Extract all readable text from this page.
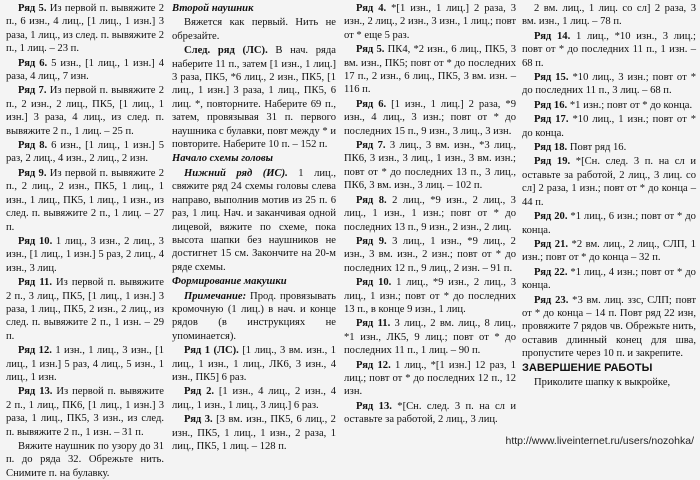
Ряд 5. Из первой п. вывяжите 2 п., 6 изн., 4 лиц., [1 лиц., 1 изн.] 3 раза, 1 лиц., из след. п. вывяжите 2 п., 1 лиц. – 23 п.

Ряд 6. 5 изн., [1 лиц., 1 изн.] 4 раза, 4 лиц., 7 изн.

Ряд 7. Из первой п. вывяжите 2 п., 2 изн., 2 лиц., ПК5, [1 лиц., 1 изн.] 3 раза, 4 лиц., из след. п. вывяжите 2 п., 1 лиц. – 25 п.

Ряд 8. 6 изн., [1 лиц., 1 изн.] 5 раз, 2 лиц., 4 изн., 2 лиц., 2 изн.

Ряд 9. Из первой п. вывяжите 2 п., 2 лиц., 2 изн., ПК5, 1 лиц., 1 изн., 1 лиц., ПК5, 1 лиц., 1 изн., из след. п. вывяжите 2 п., 1 лиц. – 27 п.

Ряд 10. 1 лиц., 3 изн., 2 лиц., 3 изн., [1 лиц., 1 изн.] 5 раз, 2 лиц., 4 изн., 3 лиц.

Ряд 11. Из первой п. вывяжите 2 п., 3 лиц., ПК5, [1 лиц., 1 изн.] 3 раза, 1 лиц., ПК5, 2 изн., 2 лиц., из след. п. вывяжите 2 п., 1 изн. – 29 п.

Ряд 12. 1 изн., 1 лиц., 3 изн., [1 лиц., 1 изн.] 5 раз, 4 лиц., 5 изн., 1 лиц., 1 изн.

Ряд 13. Из первой п. вывяжите 2 п., 1 лиц., ПК6, [1 лиц., 1 изн.] 3 раза, 1 лиц., ПК5, 3 изн., из след. п. вывяжите 2 п., 1 изн. – 31 п.

Вяжите наушник по узору до 31 п. до ряда 32. Обрежьте нить. Снимите п. на булавку.

Второй наушник

Вяжется как первый. Нить не обрезайте.

След. ряд (ЛС). В нач. ряда наберите 11 п., затем [1 изн., 1 лиц.] 3 раза, ПК5, *6 лиц., 2 изн., ПК5, [1 лиц., 1 изн.] 3 раза, 1 лиц., ПК5, 6 лиц. *, повторните. Наберите 69 п., затем, провязывая 31 п. первого наушника с булавки, повт между * и повторите. Наберите 10 п. – 152 п.

Начало схемы головы

Нижний ряд (ИС). 1 лиц., свяжите ряд 24 схемы головы слева направо, выполнив мотив из 25 п. 6 раз, 1 лиц. Нач. и заканчивая одной лицевой, вяжите по схеме, пока высота шапки без наушников не достигнет 15 см. Закончите на 20-м ряде схемы.

Формирование макушки

Примечание: Прод. провязывать кромочную (1 лиц.) в нач. и конце рядов (в инструкциях не упоминается).

Ряд 1 (ЛС). [1 лиц., 3 вм. изн., 1 лиц., 1 изн., 1 лиц., ЛК6, 3 изн., 4 изн., ПК5] 6 раз.

Ряд 2. [1 изн., 4 лиц., 2 изн., 4 лиц., 1 изн., 1 лиц., 3 лиц.] 6 раз.

Ряд 3. [3 вм. изн., ПК5, 6 лиц., 2 изн., ПК5, 1 лиц., 1 изн., 2 раза, 1 лиц., ПК5, 1 лиц. – 128 п.

Ряд 4. *[1 изн., 1 лиц.] 2 раза, 3 изн., 2 лиц., 2 изн., 3 изн., 1 лиц.; повт от * еще 5 раз.

Ряд 5. ПК4, *2 изн., 6 лиц., ПК5, 3 вм. изн., ПК5; повт от * до последних 17 п., 2 изн., 6 лиц., ПК5, 3 вм. изн. – 116 п.

Ряд 6. [1 изн., 1 лиц.] 2 раза, *9 изн., 4 лиц., 3 изн.; повт от * до последних 15 п., 9 изн., 3 лиц., 3 изн.

Ряд 7. 3 лиц., 3 вм. изн., *3 лиц., ПК6, 3 изн., 3 лиц., 1 изн., 3 вм. изн.; повт от * до последних 13 п., 3 лиц., ПК6, 3 вм. изн., 3 лиц. – 102 п.

Ряд 8. 2 лиц., *9 изн., 2 лиц., 3 лиц., 1 изн., 1 изн.; повт от * до последних 13 п., 9 изн., 2 изн., 2 лиц.

Ряд 9. 3 лиц., 1 изн., *9 лиц., 2 изн., 3 вм. изн., 2 изн.; повт от * до последних 12 п., 9 лиц., 2 изн. – 91 п.

Ряд 10. 1 лиц., *9 изн., 2 лиц., 3 лиц., 1 изн.; повт от * до последних 13 п., в конце 9 изн., 1 лиц.

Ряд 11. 3 лиц., 2 вм. лиц., 8 лиц., *1 изн., ЛК5, 9 лиц.; повт от * до последних 11 п., 1 лиц. – 90 п.

Ряд 12. 1 лиц., *[1 изн.] 12 раз, 1 лиц.; повт от * до последних 12 п., 12 изн.

Ряд 13. *[Сн. след. 3 п. на сл и оставьте за работой, 2 лиц., 3 лиц.

2 вм. лиц., 1 лиц. со сл] 2 раза, 3 вм. изн., 1 лиц. – 78 п.

Ряд 14. 1 лиц., *10 изн., 3 лиц.; повт от * до последних 11 п., 1 изн. – 68 п.

Ряд 15. *10 лиц., 3 изн.; повт от * до последних 11 п., 3 лиц. – 68 п.

Ряд 16. *1 изн.; повт от * до конца.

Ряд 17. *10 лиц., 1 изн.; повт от * до конца.

Ряд 18. Повт ряд 16.

Ряд 19. *[Сн. след. 3 п. на сл и оставьте за работой, 2 лиц., 3 лиц. со сл] 2 раза, 1 изн.; повт от * до конца – 44 п.

Ряд 20. *1 лиц., 6 изн.; повт от * до конца.

Ряд 21. *2 вм. лиц., 2 лиц., СЛП, 1 изн.; повт от * до конца – 32 п.

Ряд 22. *1 лиц., 4 изн.; повт от * до конца.

Ряд 23. *3 вм. лиц. ззс, СЛП; повт от * до конца – 14 п. Повт ряд 22 изн, провяжите 7 рядов чв. Обрежьте нить, оставив длинный конец для шва, пропустите через 10 п. и закрепите.

ЗАВЕРШЕНИЕ РАБОТЫ

Приколите шапку к выкройке,

http://www.liveinternet.ru/users/nozohka/
